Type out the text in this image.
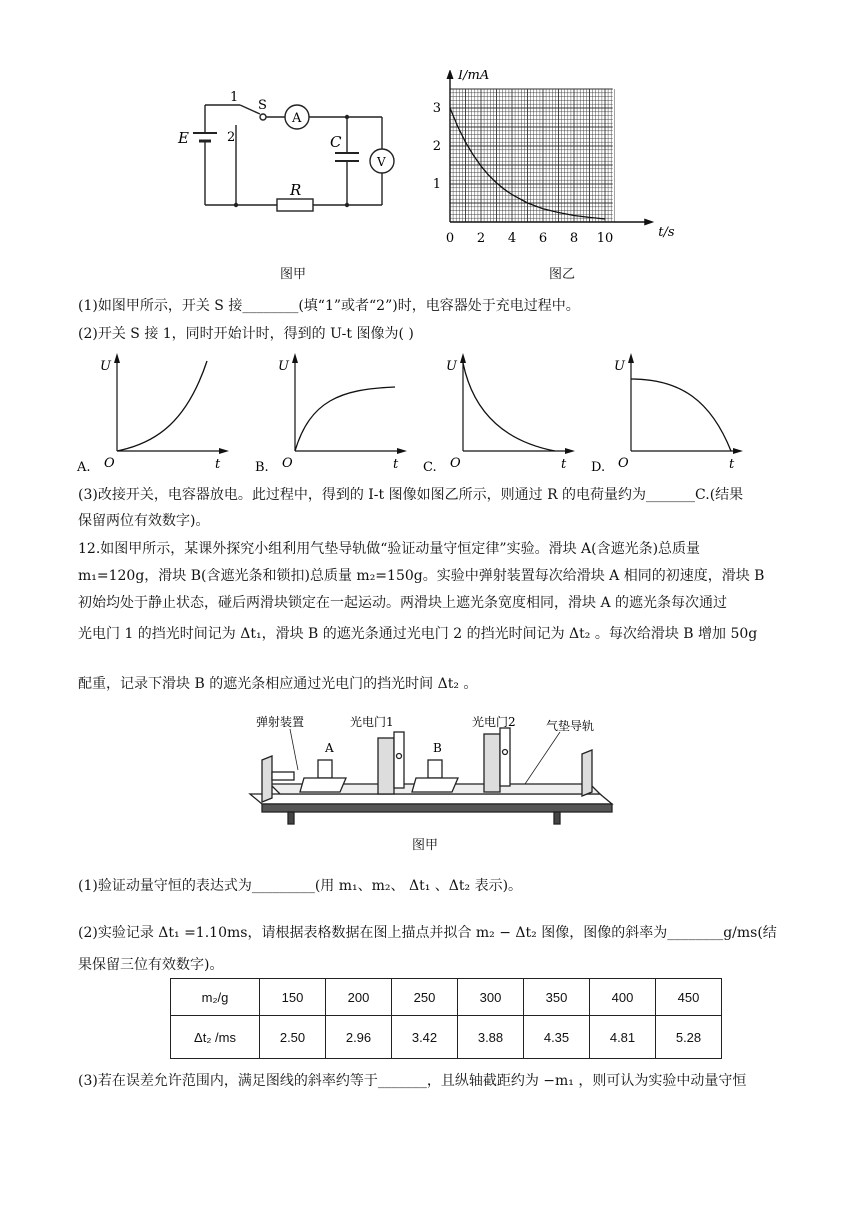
1
2
S
A
E	C
V
R
图甲
0 2 4 6 8 10
1
2
3
t/s
I/mA
图乙
(1)如图甲所示，开关 S 接________(填“1”或者“2”)时，电容器处于充电过程中。
(2)开关 S 接 1，同时开始计时，得到的 U-t 图像为( )
U
t
O
A.
U
t
O
B.
U
t
O
C.
U
t
O
D.
(3)改接开关，电容器放电。此过程中，得到的 I-t 图像如图乙所示，则通过 R 的电荷量约为_______C.(结果
保留两位有效数字)。
12.如图甲所示，某课外探究小组利用气垫导轨做“验证动量守恒定律”实验。滑块 A(含遮光条)总质量
m₁=120g，滑块 B(含遮光条和锁扣)总质量 m₂=150g。实验中弹射装置每次给滑块 A 相同的初速度，滑块 B
初始均处于静止状态，碰后两滑块锁定在一起运动。两滑块上遮光条宽度相同，滑块 A 的遮光条每次通过
光电门 1 的挡光时间记为 Δt₁，滑块 B 的遮光条通过光电门 2 的挡光时间记为 Δt₂ 。每次给滑块 B 增加 50g
配重，记录下滑块 B 的遮光条相应通过光电门的挡光时间 Δt₂ 。
弹射装置	光电门1	光电门2	气垫导轨
A	B
图甲
(1)验证动量守恒的表达式为_________(用 m₁、m₂、 Δt₁ 、Δt₂ 表示)。
(2)实验记录 Δt₁ =1.10ms，请根据表格数据在图上描点并拟合 m₂ − Δt₂ 图像，图像的斜率为________g/ms(结
果保留三位有效数字)。
m₂/g	150	200	250	300	350	400	450
Δt₂ /ms	2.50	2.96	3.42	3.88	4.35	4.81	5.28
(3)若在误差允许范围内，满足图线的斜率约等于_______，且纵轴截距约为 −m₁ ，则可认为实验中动量守恒
